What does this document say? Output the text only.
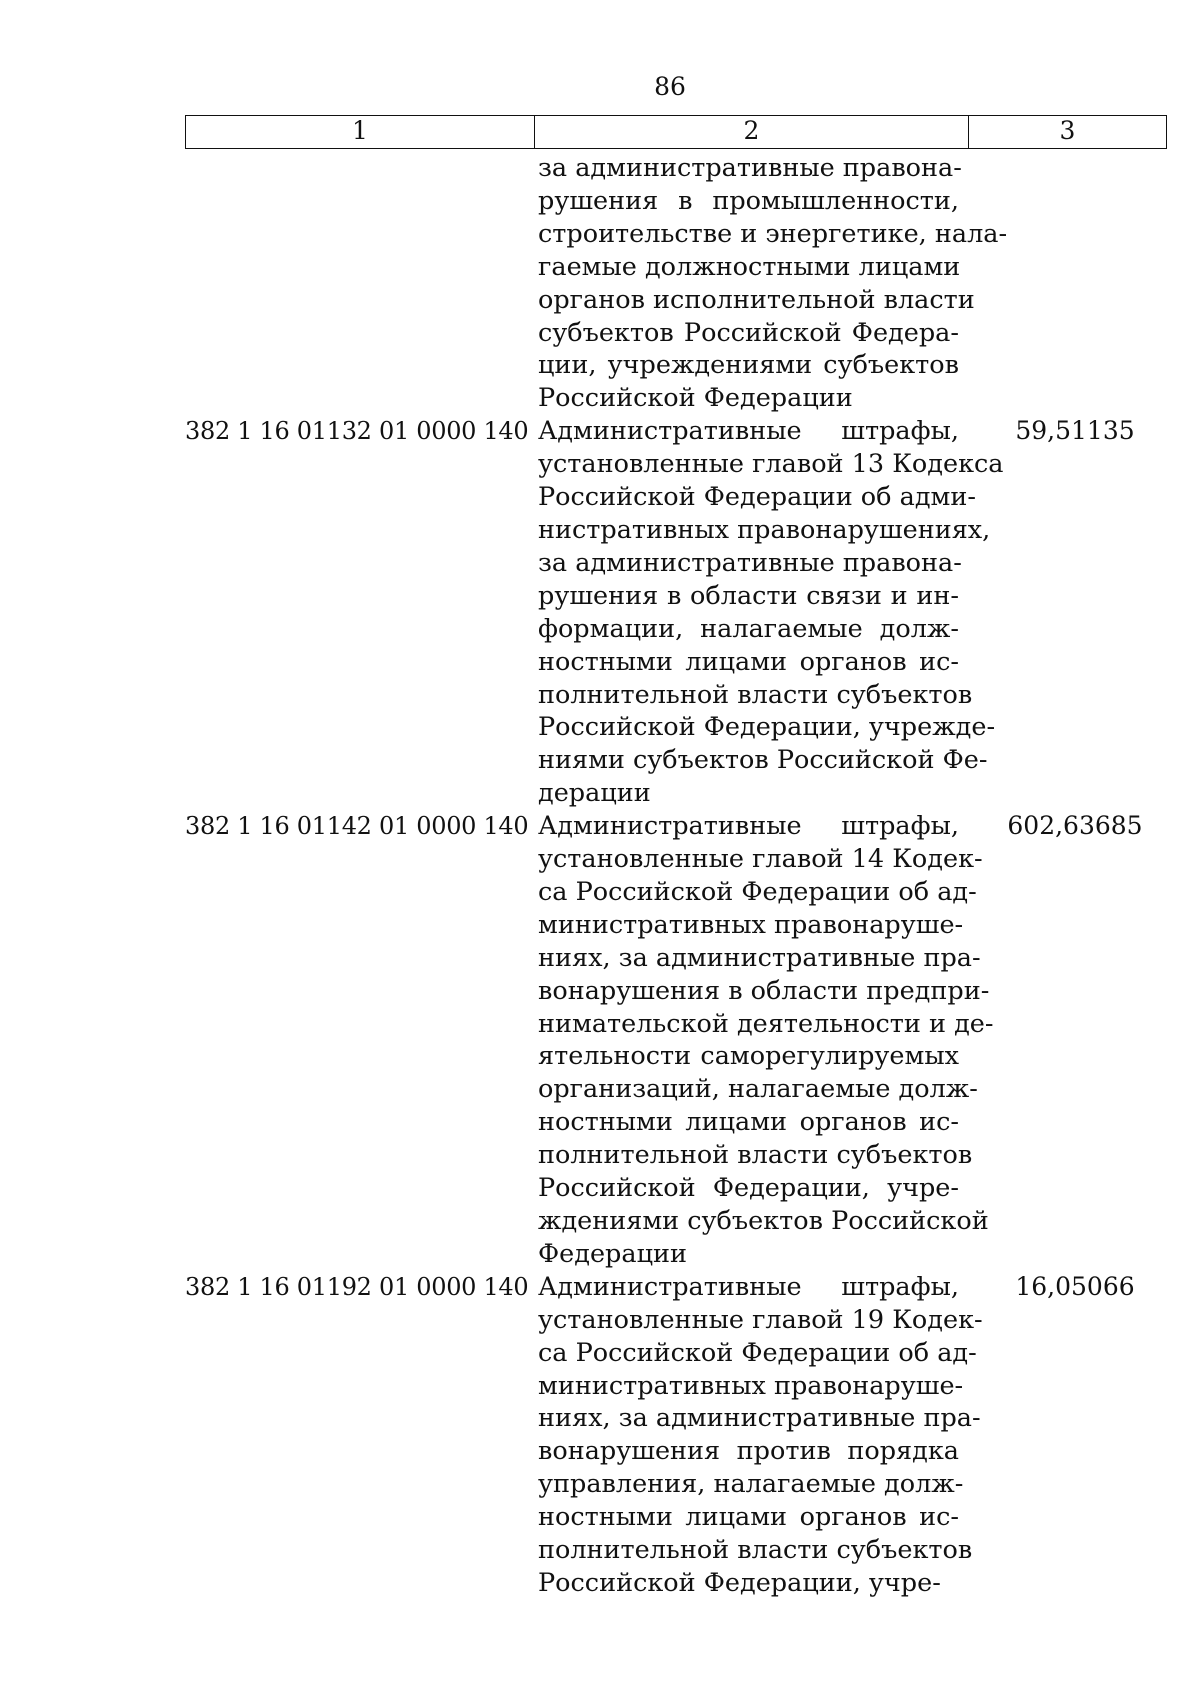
86
1	2	3
за административные правона-
рушения в промышленности,
строительстве и энергетике, нала-
гаемые должностными лицами
органов исполнительной власти
субъектов Российской Федера-
ции, учреждениями субъектов
Российской Федерации
382 1 16 01132 01 0000 140 Административные штрафы,
установленные главой 13 Кодекса
Российской Федерации об адми-
нистративных правонарушениях,
за административные правона-
рушения в области связи и ин-
формации, налагаемые долж-
ностными лицами органов ис-
полнительной власти субъектов
Российской Федерации, учрежде-
ниями субъектов Российской Фе-
дерации
59,51135
382 1 16 01142 01 0000 140 Административные штрафы,
установленные главой 14 Кодек-
са Российской Федерации об ад-
министративных правонаруше-
ниях, за административные пра-
вонарушения в области предпри-
нимательской деятельности и де-
ятельности саморегулируемых
организаций, налагаемые долж-
ностными лицами органов ис-
полнительной власти субъектов
Российской Федерации, учре-
ждениями субъектов Российской
Федерации
602,63685
382 1 16 01192 01 0000 140 Административные штрафы,
установленные главой 19 Кодек-
са Российской Федерации об ад-
министративных правонаруше-
ниях, за административные пра-
вонарушения против порядка
управления, налагаемые долж-
ностными лицами органов ис-
полнительной власти субъектов
Российской Федерации, учре-
16,05066
